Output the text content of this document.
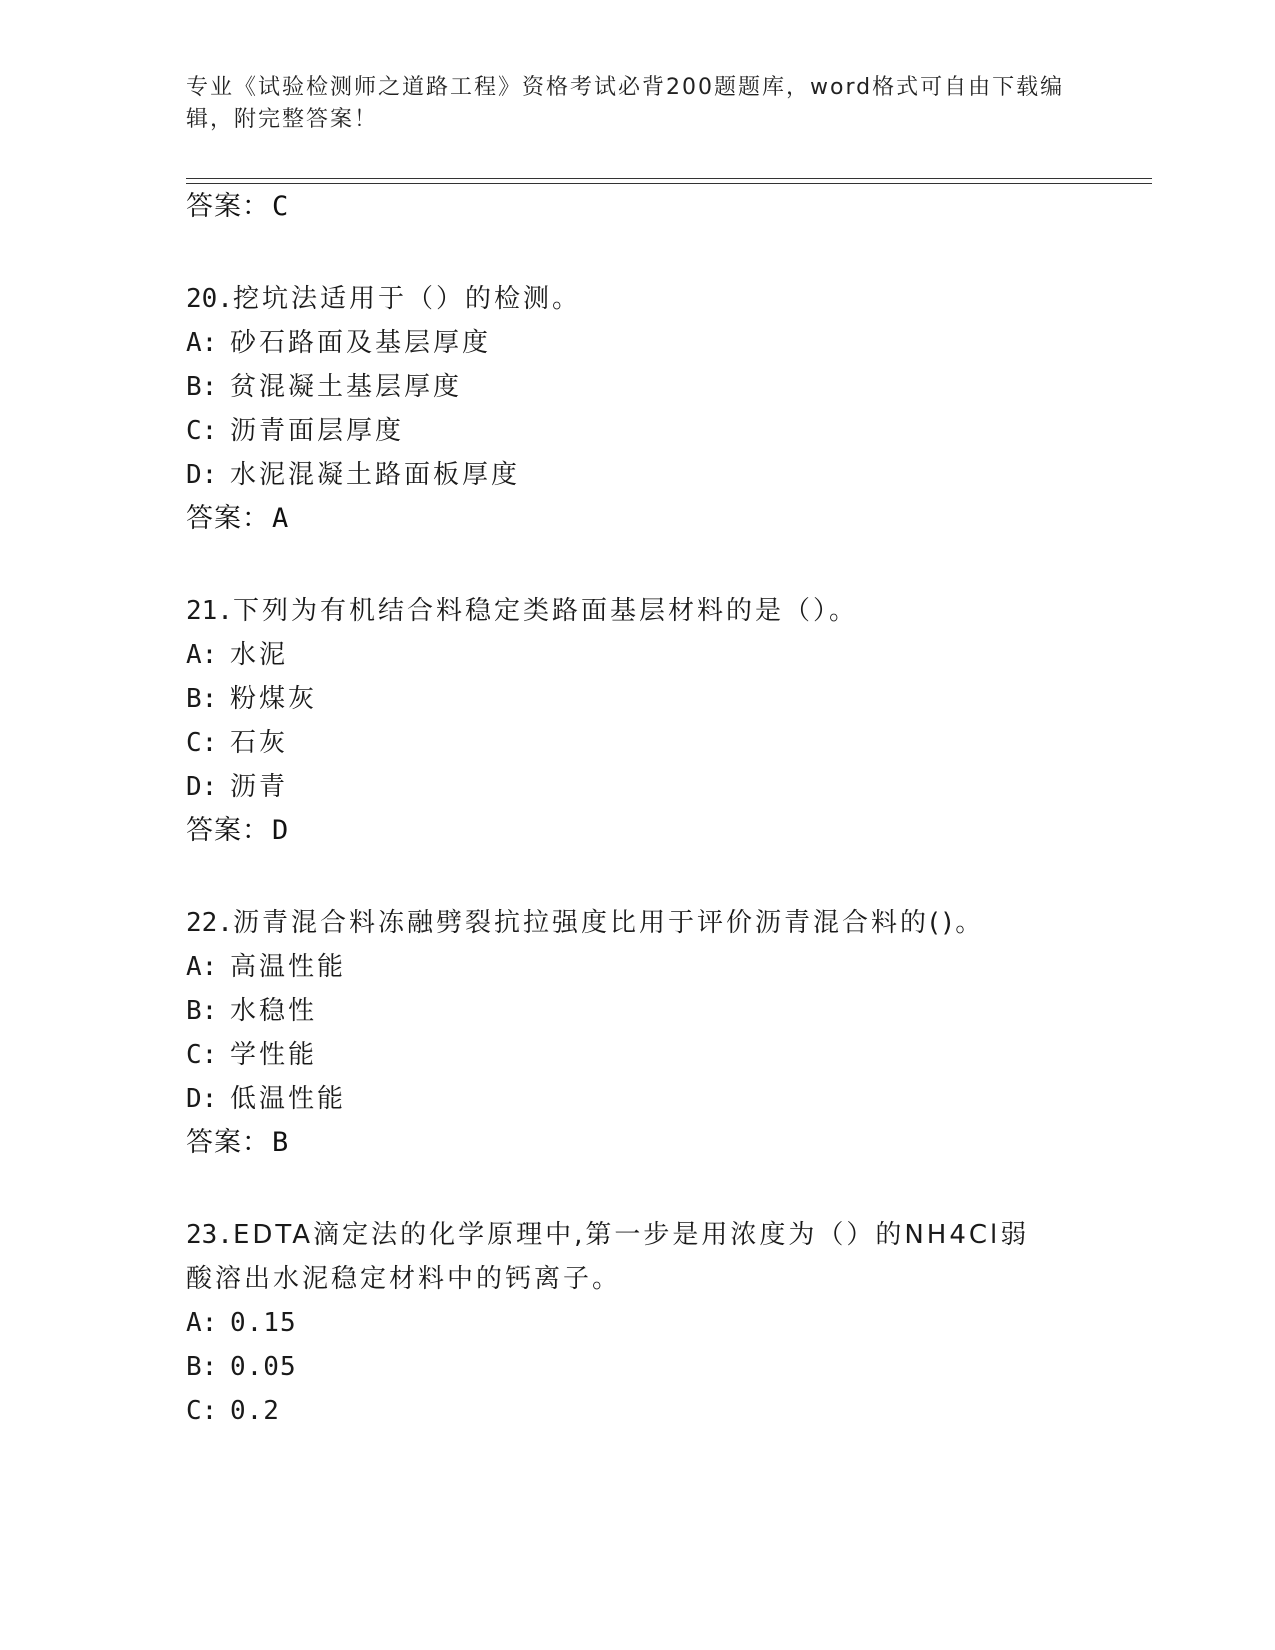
专业《试验检测师之道路工程》资格考试必背200题题库，word格式可自由下载编辑，附完整答案！
答案：C
20.挖坑法适用于（）的检测。
A: 砂石路面及基层厚度
B: 贫混凝土基层厚度
C: 沥青面层厚度
D: 水泥混凝土路面板厚度
答案：A
21.下列为有机结合料稳定类路面基层材料的是（）。
A: 水泥
B: 粉煤灰
C: 石灰
D: 沥青
答案：D
22.沥青混合料冻融劈裂抗拉强度比用于评价沥青混合料的()。
A: 高温性能
B: 水稳性
C: 学性能
D: 低温性能
答案：B
23.EDTA滴定法的化学原理中,第一步是用浓度为（）的NH4Cl弱酸溶出水泥稳定材料中的钙离子。
A: 0.15
B: 0.05
C: 0.2
